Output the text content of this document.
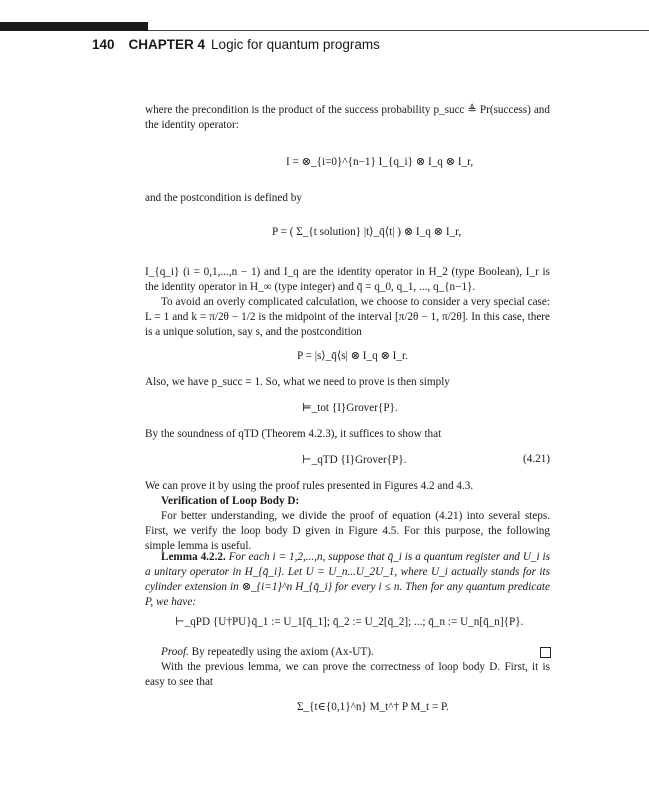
140 CHAPTER 4 Logic for quantum programs
where the precondition is the product of the success probability p_succ ≜ Pr(success) and the identity operator:
I = ⊗_{i=0}^{n−1} I_{q_i} ⊗ I_q ⊗ I_r,
and the postcondition is defined by
P = ( Σ_{t solution} |t⟩_q̄⟨t| ) ⊗ I_q ⊗ I_r,
I_{q_i} (i = 0,1,...,n − 1) and I_q are the identity operator in H_2 (type Boolean), I_r is the identity operator in H_∞ (type integer) and q̄ = q_0, q_1, ..., q_{n−1}.
To avoid an overly complicated calculation, we choose to consider a very special case: L = 1 and k = π/2θ − 1/2 is the midpoint of the interval [π/2θ − 1, π/2θ]. In this case, there is a unique solution, say s, and the postcondition
P = |s⟩_q̄⟨s| ⊗ I_q ⊗ I_r.
Also, we have p_succ = 1. So, what we need to prove is then simply
⊨_tot {I}Grover{P}.
By the soundness of qTD (Theorem 4.2.3), it suffices to show that
⊢_qTD {I}Grover{P}.	(4.21)
We can prove it by using the proof rules presented in Figures 4.2 and 4.3.
Verification of Loop Body D:
For better understanding, we divide the proof of equation (4.21) into several steps. First, we verify the loop body D given in Figure 4.5. For this purpose, the following simple lemma is useful.
Lemma 4.2.2. For each i = 1,2,...,n, suppose that q̄_i is a quantum register and U_i is a unitary operator in H_{q̄_i}. Let U = U_n...U_2U_1, where U_i actually stands for its cylinder extension in ⊗_{i=1}^n H_{q̄_i} for every i ≤ n. Then for any quantum predicate P, we have:
⊢_qPD {U†PU}q̄_1 := U_1[q̄_1]; q̄_2 := U_2[q̄_2]; ...; q̄_n := U_n[q̄_n]{P}.
Proof. By repeatedly using the axiom (Ax-UT).
With the previous lemma, we can prove the correctness of loop body D. First, it is easy to see that
Σ_{t∈{0,1}^n} M_t^† P M_t = P.
